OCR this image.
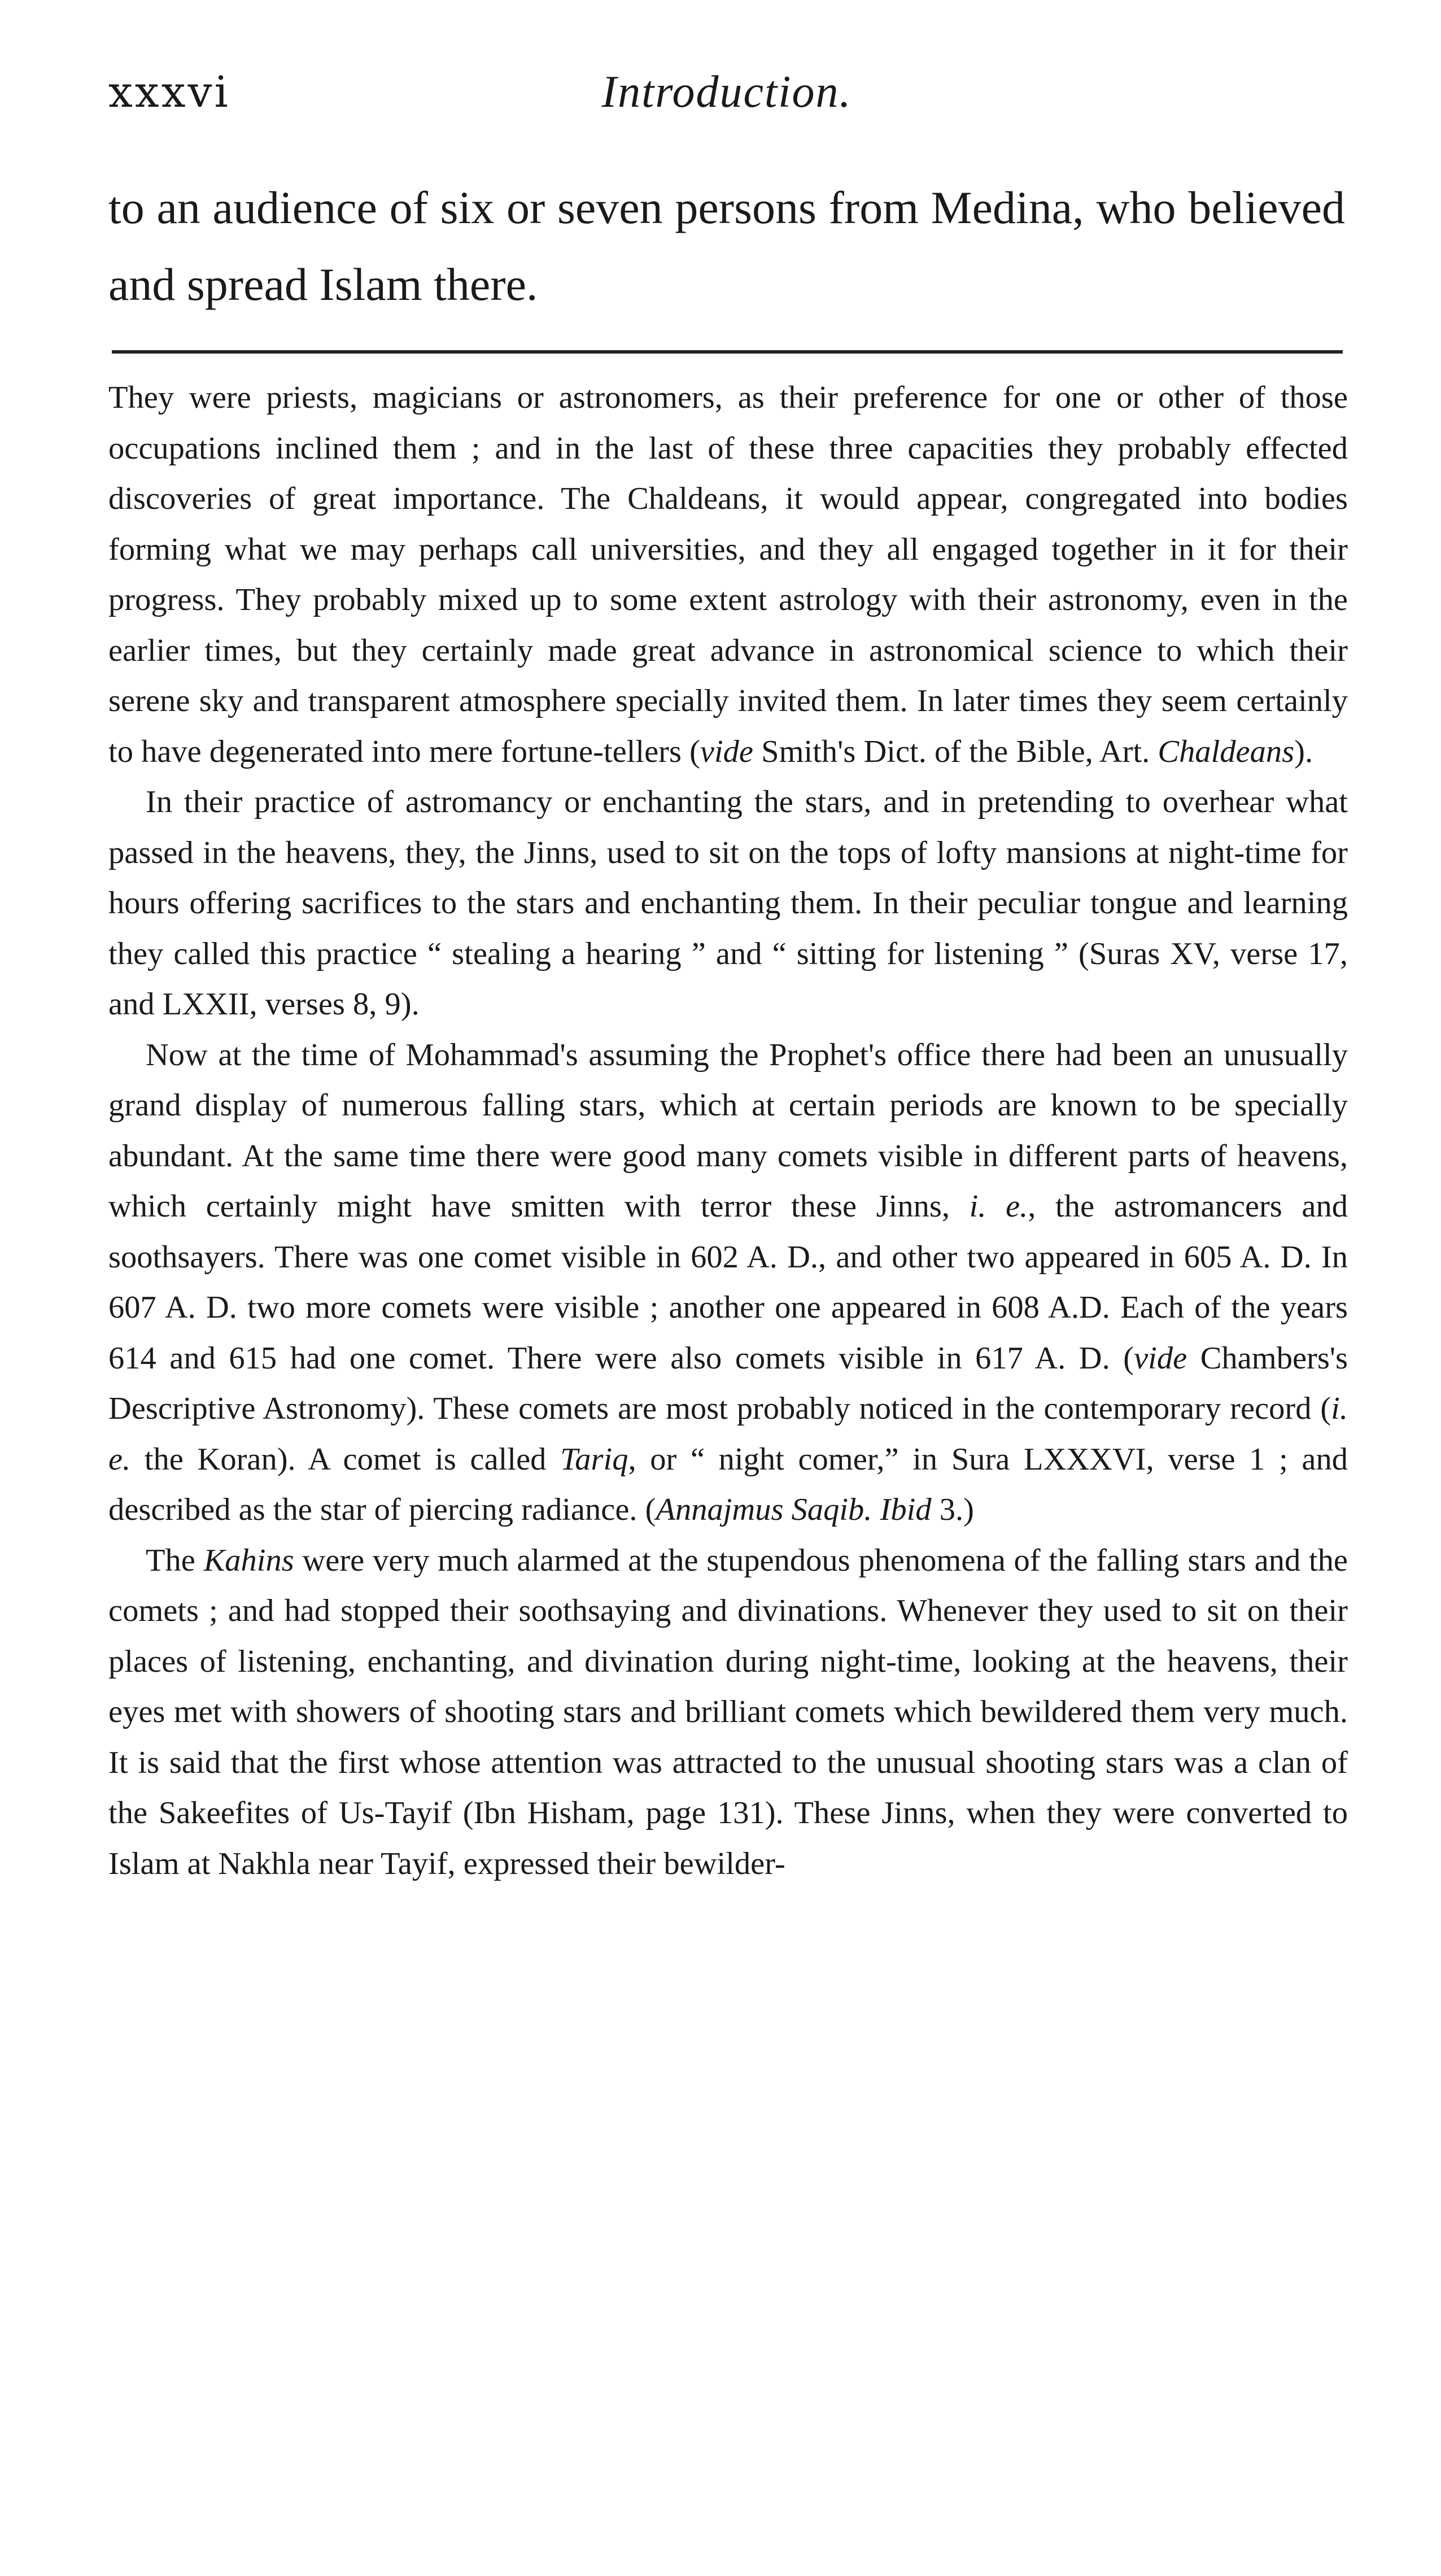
xxxvi	Introduction.

to an audience of six or seven persons from Medina, who believed and spread Islam there.

They were priests, magicians or astronomers, as their preference for one or other of those occupations inclined them ; and in the last of these three capacities they probably effected discoveries of great importance. The Chaldeans, it would appear, congregated into bodies forming what we may perhaps call universities, and they all engaged together in it for their progress. They probably mixed up to some extent astrology with their astronomy, even in the earlier times, but they certainly made great advance in astronomical science to which their serene sky and transparent atmosphere specially invited them. In later times they seem certainly to have degenerated into mere fortune-tellers (vide Smith's Dict. of the Bible, Art. Chaldeans).

In their practice of astromancy or enchanting the stars, and in pretending to overhear what passed in the heavens, they, the Jinns, used to sit on the tops of lofty mansions at night-time for hours offering sacrifices to the stars and enchanting them. In their peculiar tongue and learning they called this practice “ stealing a hearing ” and “ sitting for listening ” (Suras XV, verse 17, and LXXII, verses 8, 9).

Now at the time of Mohammad's assuming the Prophet's office there had been an unusually grand display of numerous falling stars, which at certain periods are known to be specially abundant. At the same time there were good many comets visible in different parts of heavens, which certainly might have smitten with terror these Jinns, i. e., the astromancers and soothsayers. There was one comet visible in 602 A. D., and other two appeared in 605 A. D. In 607 A. D. two more comets were visible ; another one appeared in 608 A.D. Each of the years 614 and 615 had one comet. There were also comets visible in 617 A. D. (vide Chambers's Descriptive Astronomy). These comets are most probably noticed in the contemporary record (i. e. the Koran). A comet is called Tariq, or “ night comer,” in Sura LXXXVI, verse 1 ; and described as the star of piercing radiance. (Annajmus Saqib. Ibid 3.)

The Kahins were very much alarmed at the stupendous phenomena of the falling stars and the comets ; and had stopped their soothsaying and divinations. Whenever they used to sit on their places of listening, enchanting, and divination during night-time, looking at the heavens, their eyes met with showers of shooting stars and brilliant comets which bewildered them very much. It is said that the first whose attention was attracted to the unusual shooting stars was a clan of the Sakeefites of Us-Tayif (Ibn Hisham, page 131). These Jinns, when they were converted to Islam at Nakhla near Tayif, expressed their bewilder-
